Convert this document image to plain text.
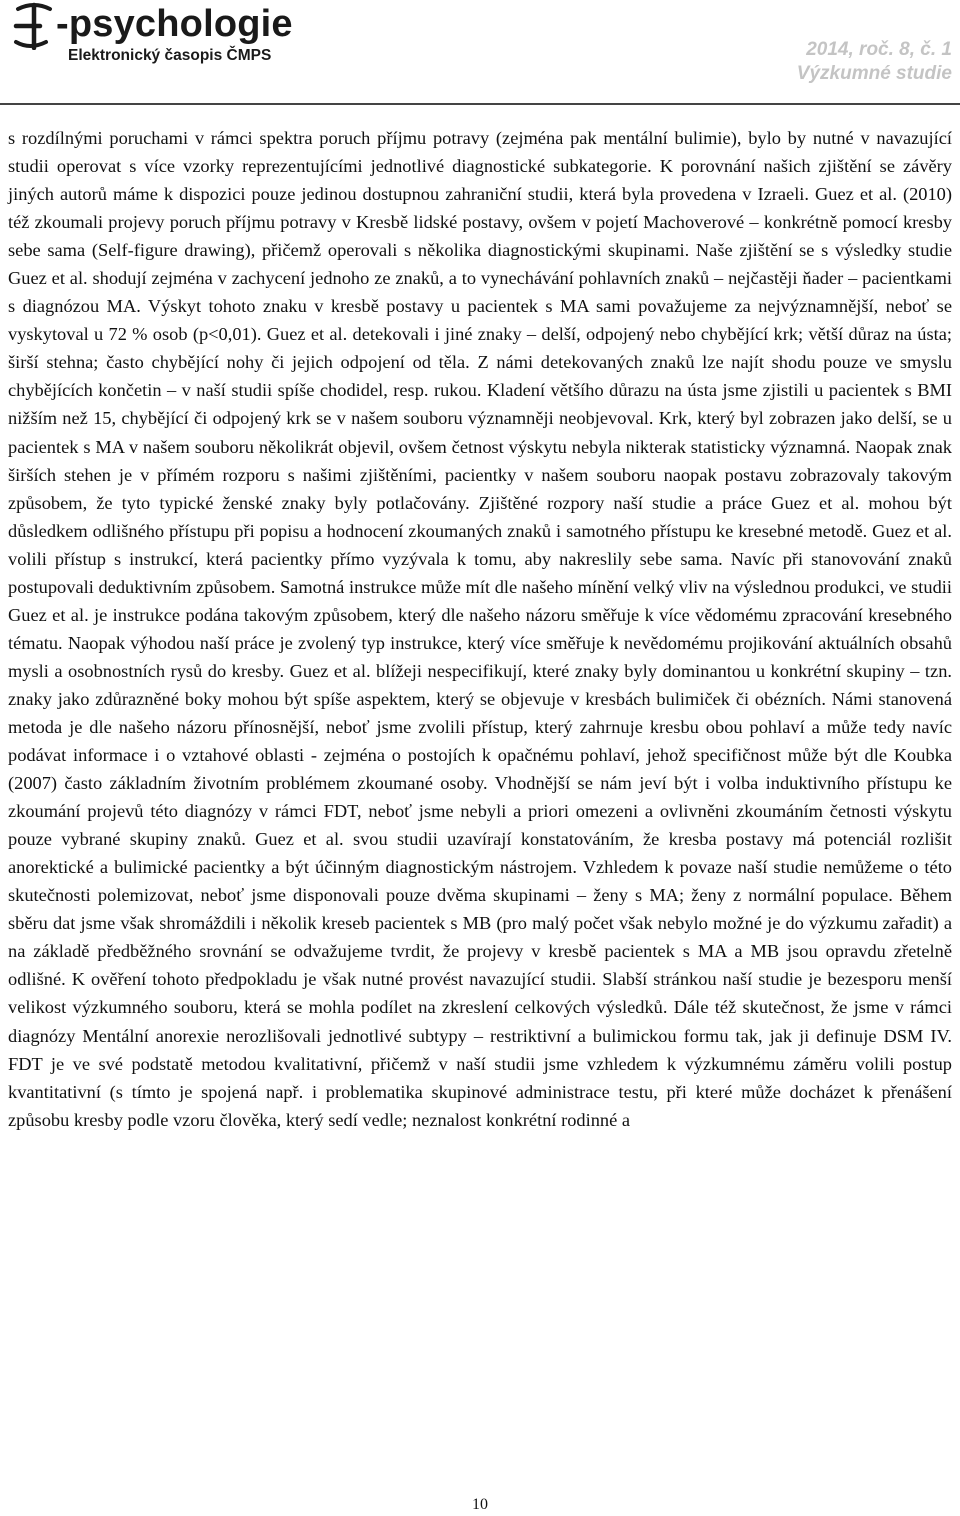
-psychologie
Elektronický časopis ČMPS	2014, roč. 8, č. 1
Výzkumné studie

s rozdílnými poruchami v rámci spektra poruch příjmu potravy (zejména pak mentální bulimie), bylo by nutné v navazující studii operovat s více vzorky reprezentujícími jednotlivé diagnostické subkategorie. K porovnání našich zjištění se závěry jiných autorů máme k dispozici pouze jedinou dostupnou zahraniční studii, která byla provedena v Izraeli. Guez et al. (2010) též zkoumali projevy poruch příjmu potravy v Kresbě lidské postavy, ovšem v pojetí Machoverové – konkrétně pomocí kresby sebe sama (Self-figure drawing), přičemž operovali s několika diagnostickými skupinami. Naše zjištění se s výsledky studie Guez et al. shodují zejména v zachycení jednoho ze znaků, a to vynechávání pohlavních znaků – nejčastěji ňader – pacientkami s diagnózou MA. Výskyt tohoto znaku v kresbě postavy u pacientek s MA sami považujeme za nejvýznamnější, neboť se vyskytoval u 72 % osob (p<0,01). Guez et al. detekovali i jiné znaky – delší, odpojený nebo chybějící krk; větší důraz na ústa; širší stehna; často chybějící nohy či jejich odpojení od těla. Z námi detekovaných znaků lze najít shodu pouze ve smyslu chybějících končetin – v naší studii spíše chodidel, resp. rukou. Kladení většího důrazu na ústa jsme zjistili u pacientek s BMI nižším než 15, chybějící či odpojený krk se v našem souboru významněji neobjevoval. Krk, který byl zobrazen jako delší, se u pacientek s MA v našem souboru několikrát objevil, ovšem četnost výskytu nebyla nikterak statisticky významná. Naopak znak širších stehen je v přímém rozporu s našimi zjištěními, pacientky v našem souboru naopak postavu zobrazovaly takovým způsobem, že tyto typické ženské znaky byly potlačovány. Zjištěné rozpory naší studie a práce Guez et al. mohou být důsledkem odlišného přístupu při popisu a hodnocení zkoumaných znaků i samotného přístupu ke kresebné metodě. Guez et al. volili přístup s instrukcí, která pacientky přímo vyzývala k tomu, aby nakreslily sebe sama. Navíc při stanovování znaků postupovali deduktivním způsobem. Samotná instrukce může mít dle našeho mínění velký vliv na výslednou produkci, ve studii Guez et al. je instrukce podána takovým způsobem, který dle našeho názoru směřuje k více vědomému zpracování kresebného tématu. Naopak výhodou naší práce je zvolený typ instrukce, který více směřuje k nevědomému projikování aktuálních obsahů mysli a osobnostních rysů do kresby. Guez et al. blížeji nespecifikují, které znaky byly dominantou u konkrétní skupiny – tzn. znaky jako zdůrazněné boky mohou být spíše aspektem, který se objevuje v kresbách bulimiček či obézních. Námi stanovená metoda je dle našeho názoru přínosnější, neboť jsme zvolili přístup, který zahrnuje kresbu obou pohlaví a může tedy navíc podávat informace i o vztahové oblasti - zejména o postojích k opačnému pohlaví, jehož specifičnost může být dle Koubka (2007) často základním životním problémem zkoumané osoby. Vhodnější se nám jeví být i volba induktivního přístupu ke zkoumání projevů této diagnózy v rámci FDT, neboť jsme nebyli a priori omezeni a ovlivněni zkoumáním četnosti výskytu pouze vybrané skupiny znaků. Guez et al. svou studii uzavírají konstatováním, že kresba postavy má potenciál rozlišit anorektické a bulimické pacientky a být účinným diagnostickým nástrojem. Vzhledem k povaze naší studie nemůžeme o této skutečnosti polemizovat, neboť jsme disponovali pouze dvěma skupinami – ženy s MA; ženy z normální populace. Během sběru dat jsme však shromáždili i několik kreseb pacientek s MB (pro malý počet však nebylo možné je do výzkumu zařadit) a na základě předběžného srovnání se odvažujeme tvrdit, že projevy v kresbě pacientek s MA a MB jsou opravdu zřetelně odlišné. K ověření tohoto předpokladu je však nutné provést navazující studii. Slabší stránkou naší studie je bezesporu menší velikost výzkumného souboru, která se mohla podílet na zkreslení celkových výsledků. Dále též skutečnost, že jsme v rámci diagnózy Mentální anorexie nerozlišovali jednotlivé subtypy – restriktivní a bulimickou formu tak, jak ji definuje DSM IV. FDT je ve své podstatě metodou kvalitativní, přičemž v naší studii jsme vzhledem k výzkumnému záměru volili postup kvantitativní (s tímto je spojená např. i problematika skupinové administrace testu, při které může docházet k přenášení způsobu kresby podle vzoru člověka, který sedí vedle; neznalost konkrétní rodinné a

10
